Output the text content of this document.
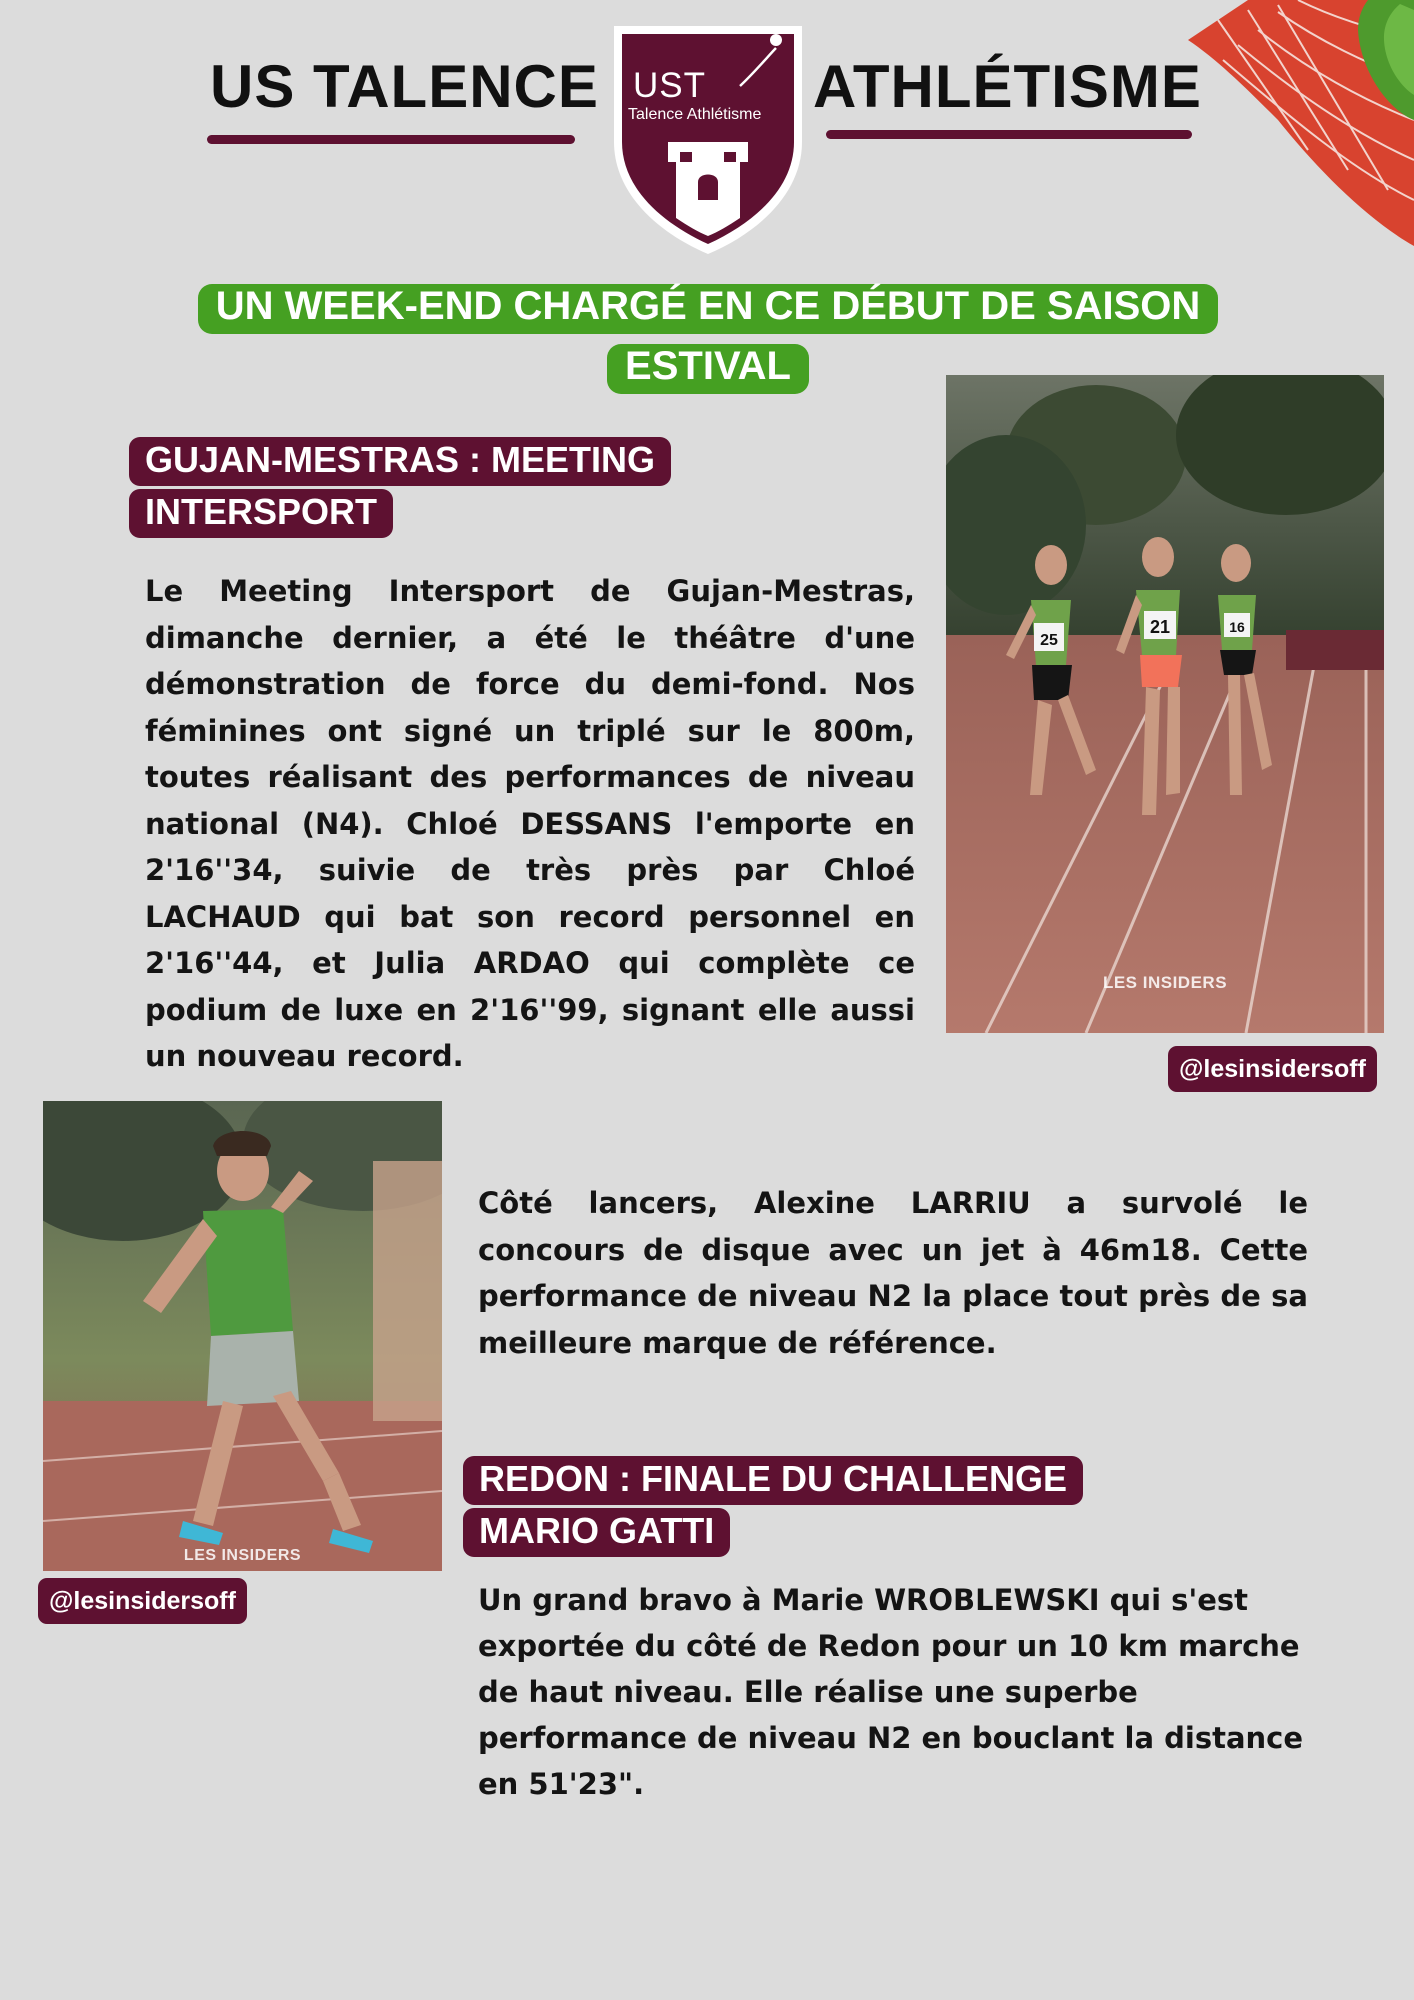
US TALENCE UST
Talence Athlétisme ATHLÉTISME
UN WEEK-END CHARGÉ EN CE DÉBUT DE SAISON ESTIVAL
GUJAN-MESTRAS : MEETING INTERSPORT

Le Meeting Intersport de Gujan-Mestras, dimanche dernier, a été le théâtre d'une démonstration de force du demi-fond. Nos féminines ont signé un triplé sur le 800m, toutes réalisant des performances de niveau national (N4). Chloé DESSANS l'emporte en 2'16''34, suivie de très près par Chloé LACHAUD qui bat son record personnel en 2'16''44, et Julia ARDAO qui complète ce podium de luxe en 2'16''99, signant elle aussi un nouveau record.

25
21	16
LES INSIDERS
@lesinsidersoff
LES INSIDERS
@lesinsidersoff

Côté lancers, Alexine LARRIU a survolé le concours de disque avec un jet à 46m18. Cette performance de niveau N2 la place tout près de sa meilleure marque de référence.

REDON : FINALE DU CHALLENGE MARIO GATTI

Un grand bravo à Marie WROBLEWSKI qui s'est exportée du côté de Redon pour un 10 km marche de haut niveau. Elle réalise une superbe performance de niveau N2 en bouclant la distance en 51'23".
